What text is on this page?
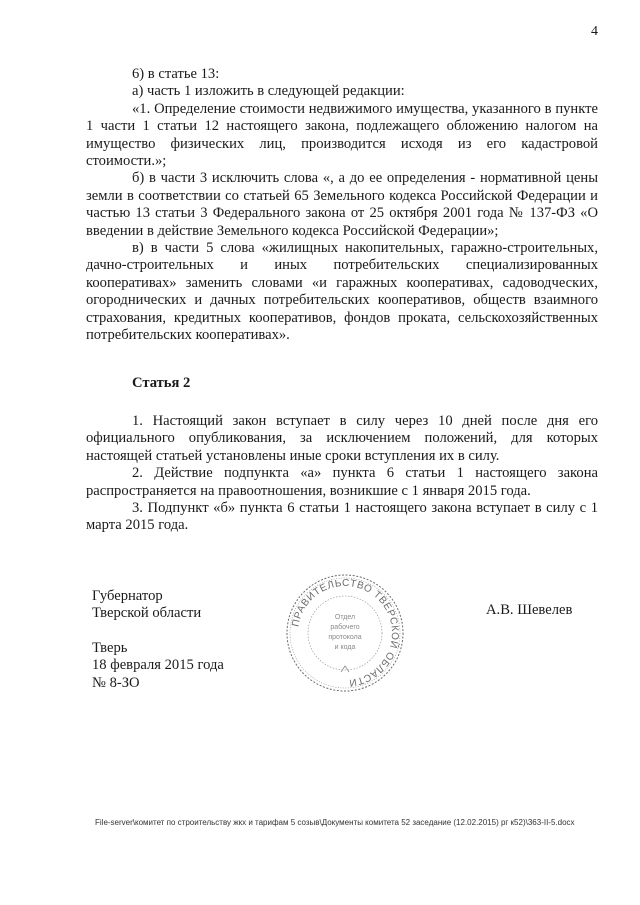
4

6) в статье 13:

а) часть 1 изложить в следующей редакции:

«1. Определение стоимости недвижимого имущества, указанного в пункте 1 части 1 статьи 12 настоящего закона, подлежащего обложению налогом на имущество физических лиц, производится исходя из его кадастровой стоимости.»;

б) в части 3 исключить слова «, а до ее определения - нормативной цены земли в соответствии со статьей 65 Земельного кодекса Российской Федерации и частью 13 статьи 3 Федерального закона от 25 октября 2001 года № 137-ФЗ «О введении в действие Земельного кодекса Российской Федерации»;

в) в части 5 слова «жилищных накопительных, гаражно-строительных, дачно-строительных и иных потребительских специализированных кооперативах» заменить словами «и гаражных кооперативах, садоводческих, огороднических и дачных потребительских кооперативов, обществ взаимного страхования, кредитных кооперативов, фондов проката, сельскохозяйственных потребительских кооперативах».

Статья 2

1. Настоящий закон вступает в силу через 10 дней после дня его официального опубликования, за исключением положений, для которых настоящей статьей установлены иные сроки вступления их в силу.

2. Действие подпункта «а» пункта 6 статьи 1 настоящего закона распространяется на правоотношения, возникшие с 1 января 2015 года.

3. Подпункт «б» пункта 6 статьи 1 настоящего закона вступает в силу с 1 марта 2015 года.

Губернатор

Тверской области

Тверь

18 февраля 2015 года

№ 8-ЗО

А.В. Шевелев
ПРАВИТЕЛЬСТВО ТВЕРСКОЙ ОБЛАСТИ
Отдел
рабочего
протокола
и кода
File-server\комитет по строительству жкх и тарифам 5 созыв\Документы комитета 52 заседание (12.02.2015) рг к52)\363-II-5.docx
